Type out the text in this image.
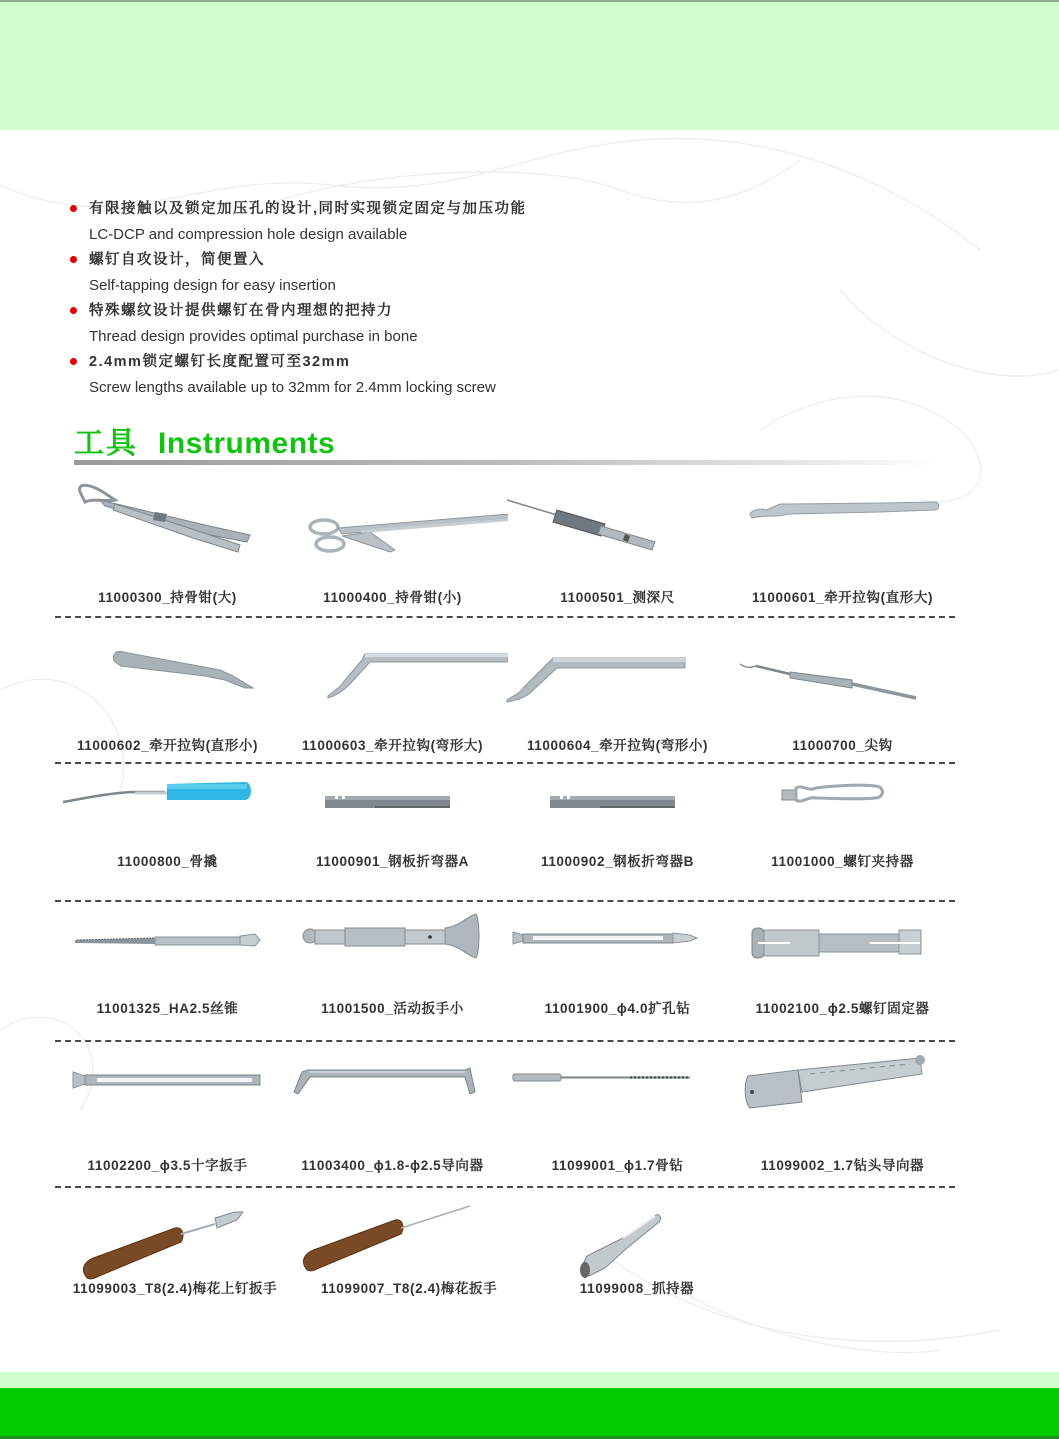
有限接触以及锁定加压孔的设计,同时实现锁定固定与加压功能
LC-DCP and compression hole design available
螺钉自攻设计，简便置入
Self-tapping design for easy insertion
特殊螺纹设计提供螺钉在骨内理想的把持力
Thread design provides optimal purchase in bone
2.4mm锁定螺钉长度配置可至32mm
Screw lengths available up to 32mm for 2.4mm locking screw
工具 Instruments
11000300_持骨钳(大)	11000400_持骨钳(小)	11000501_测深尺	11000601_牵开拉钩(直形大)
11000602_牵开拉钩(直形小)	11000603_牵开拉钩(弯形大)	11000604_牵开拉钩(弯形小)	11000700_尖钩
11000800_骨撬	11000901_钢板折弯器A	11000902_钢板折弯器B	11001000_螺钉夹持器
11001325_HA2.5丝锥	11001500_活动扳手小	11001900_ϕ4.0扩孔钻	11002100_ϕ2.5螺钉固定器
11002200_ϕ3.5十字扳手	11003400_ϕ1.8-ϕ2.5导向器	11099001_ϕ1.7骨钻	11099002_1.7钻头导向器
11099003_T8(2.4)梅花上钉扳手	11099007_T8(2.4)梅花扳手	11099008_抓持器
